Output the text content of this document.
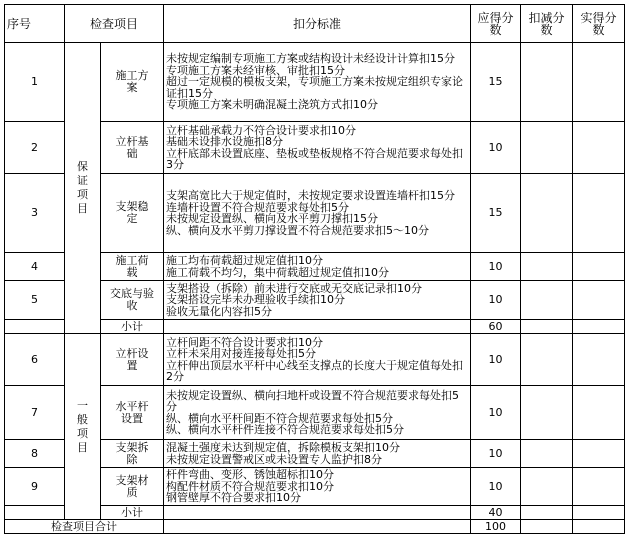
序号	检查项目		扣分标准	应得分数	扣减分数	实得分数
1	保证项目	施工方案	未按规定编制专项施工方案或结构设计未经设计计算扣15分
专项施工方案未经审核、审批扣15分
超过一定规模的模板支架，专项施工方案未按规定组织专家论证扣15分
专项施工方案未明确混凝土浇筑方式扣10分	15		
2		立杆基础	立杆基础承载力不符合设计要求扣10分
基础未设排水设施扣8分
立杆底部未设置底座、垫板或垫板规格不符合规范要求每处扣3分	10		
3		支架稳定	支架高宽比大于规定值时，未按规定要求设置连墙杆扣15分
连墙杆设置不符合规范要求每处扣5分
未按规定设置纵、横向及水平剪刀撑扣15分
纵、横向及水平剪刀撑设置不符合规范要求扣5～10分	15		
4		施工荷载	施工均布荷载超过规定值扣10分
施工荷载不均匀，集中荷载超过规定值扣10分	10		
5		交底与验收	支架搭设（拆除）前未进行交底或无交底记录扣10分
支架搭设完毕未办理验收手续扣10分
验收无量化内容扣5分	10		
		小计		60		
6	一般项目	立杆设置	立杆间距不符合设计要求扣10分
立杆未采用对接连接每处扣5分
立杆伸出顶层水平杆中心线至支撑点的长度大于规定值每处扣2分	10		
7		水平杆设置	未按规定设置纵、横向扫地杆或设置不符合规范要求每处扣5分
纵、横向水平杆间距不符合规范要求每处扣5分
纵、横向水平杆件连接不符合规范要求每处扣5分	10		
8		支架拆除	混凝土强度未达到规定值，拆除模板支架扣10分
未按规定设置警戒区或未设置专人监护扣8分	10		
9		支架材质	杆件弯曲、变形、锈蚀超标扣10分
构配件材质不符合规范要求扣10分
钢管壁厚不符合要求扣10分	10		
		小计		40		
检查项目合计				100		
